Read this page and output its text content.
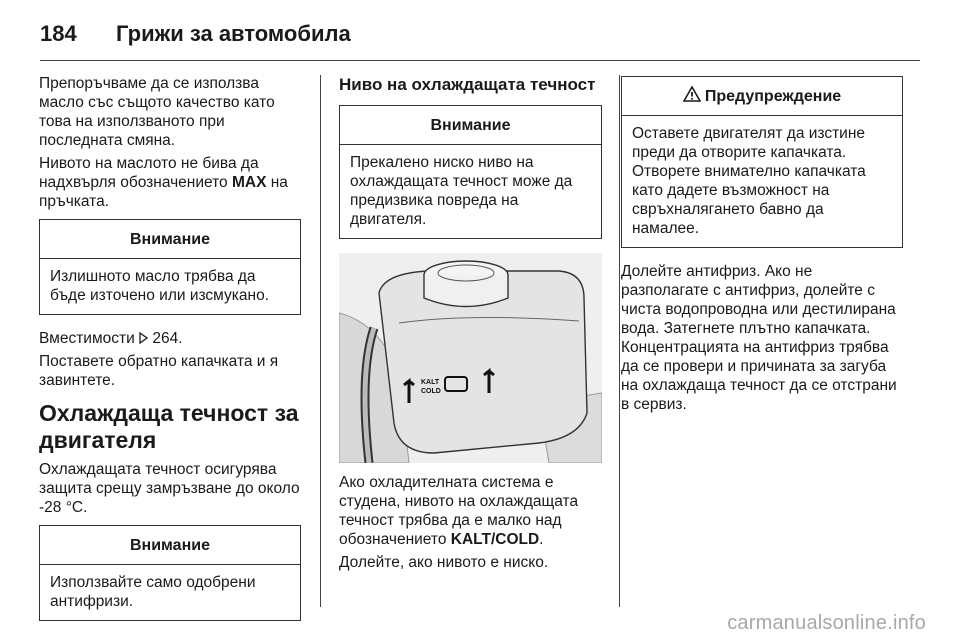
184	Грижи за автомобила

Препоръчваме да се използва масло със същото качество като това на използваното при последната смяна.

Нивото на маслото не бива да надхвърля обозначението MAX на пръчката.

Внимание
Излишното масло трябва да бъде източено или изсмукано.

Вместимости  264.

Поставете обратно капачката и я завинтете.

Охлаждаща течност за двигателя

Охлаждащата течност осигурява защита срещу замръзване до около -28 °C.

Внимание
Използвайте само одобрени антифризи.
Ниво на охлаждащата течност
Внимание
Прекалено ниско ниво на охлаждащата течност може да предизвика повреда на двигателя.
KALT
COLD

Ако охладителната система е студена, нивото на охлаждащата течност трябва да е малко над обозначението KALT/COLD.

Долейте, ако нивото е ниско.

Предупреждение
Оставете двигателят да изстине преди да отворите капачката. Отворете внимателно капачката като дадете възможност на свръхналягането бавно да намалее.

Долейте антифриз. Ако не разполагате с антифриз, долейте с чиста водопроводна или дестилирана вода. Затегнете плътно капачката. Концентрацията на антифриз трябва да се провери и причината за загуба на охлаждаща течност да се отстрани в сервиз.

carmanualsonline.info
